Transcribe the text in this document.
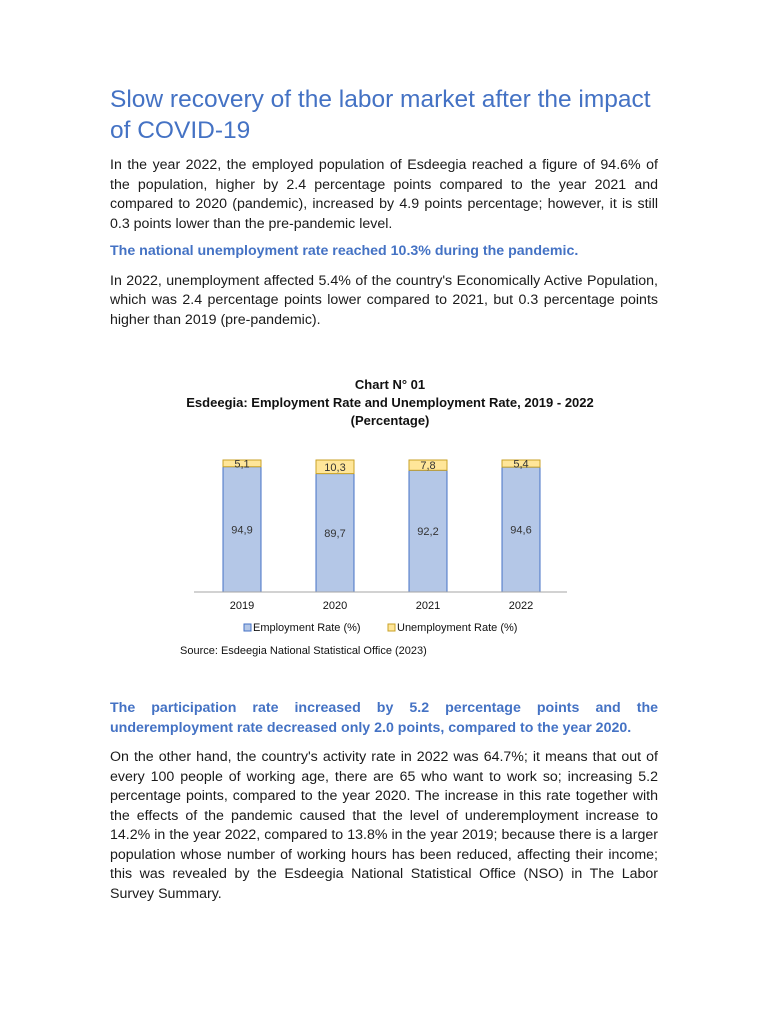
Slow recovery of the labor market after the impact of COVID-19

In the year 2022, the employed population of Esdeegia reached a figure of 94.6% of the population, higher by 2.4 percentage points compared to the year 2021 and compared to 2020 (pandemic), increased by 4.9 points percentage; however, it is still 0.3 points lower than the pre-pandemic level.

The national unemployment rate reached 10.3% during the pandemic.

In 2022, unemployment affected 5.4% of the country's Economically Active Population, which was 2.4 percentage points lower compared to 2021, but 0.3 percentage points higher than 2019 (pre-pandemic).

Chart N° 01
Esdeegia: Employment Rate and Unemployment Rate, 2019 - 2022
(Percentage)
94,9
5,1
89,7
10,3
92,2
7,8
94,6
5,4
2019	2020	2021	2022
Employment Rate (%)	Unemployment Rate (%)
Source: Esdeegia National Statistical Office (2023)

The participation rate increased by 5.2 percentage points and the underemployment rate decreased only 2.0 points, compared to the year 2020.

On the other hand, the country's activity rate in 2022 was 64.7%; it means that out of every 100 people of working age, there are 65 who want to work so; increasing 5.2 percentage points, compared to the year 2020. The increase in this rate together with the effects of the pandemic caused that the level of underemployment increase to 14.2% in the year 2022, compared to 13.8% in the year 2019; because there is a larger population whose number of working hours has been reduced, affecting their income; this was revealed by the Esdeegia National Statistical Office (NSO) in The Labor Survey Summary.
